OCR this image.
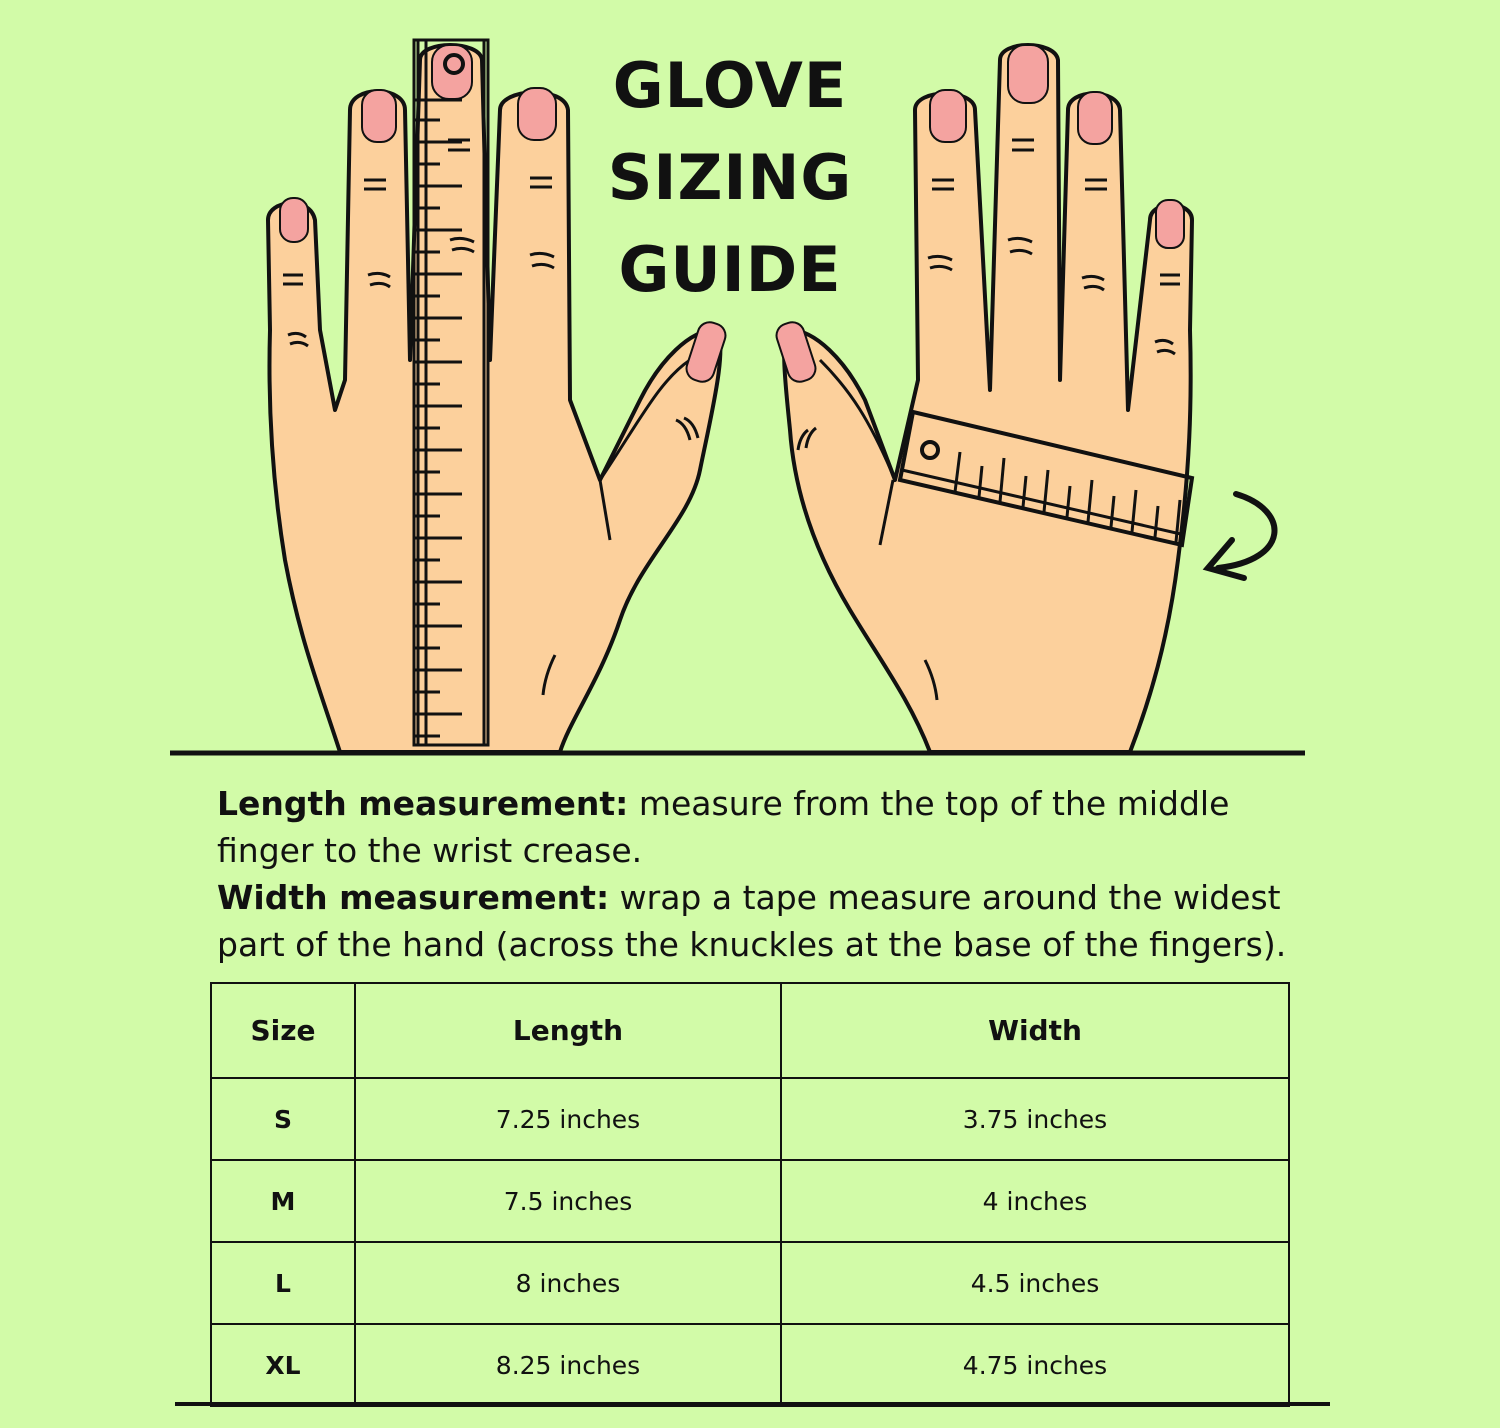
GLOVE
SIZING
GUIDE

Length measurement: measure from the top of the middle finger to the wrist crease.

Width measurement: wrap a tape measure around the widest part of the hand (across the knuckles at the base of the fingers).

Size	Length	Width
S	7.25 inches	3.75 inches
M	7.5 inches	4 inches
L	8 inches	4.5 inches
XL	8.25 inches	4.75 inches
